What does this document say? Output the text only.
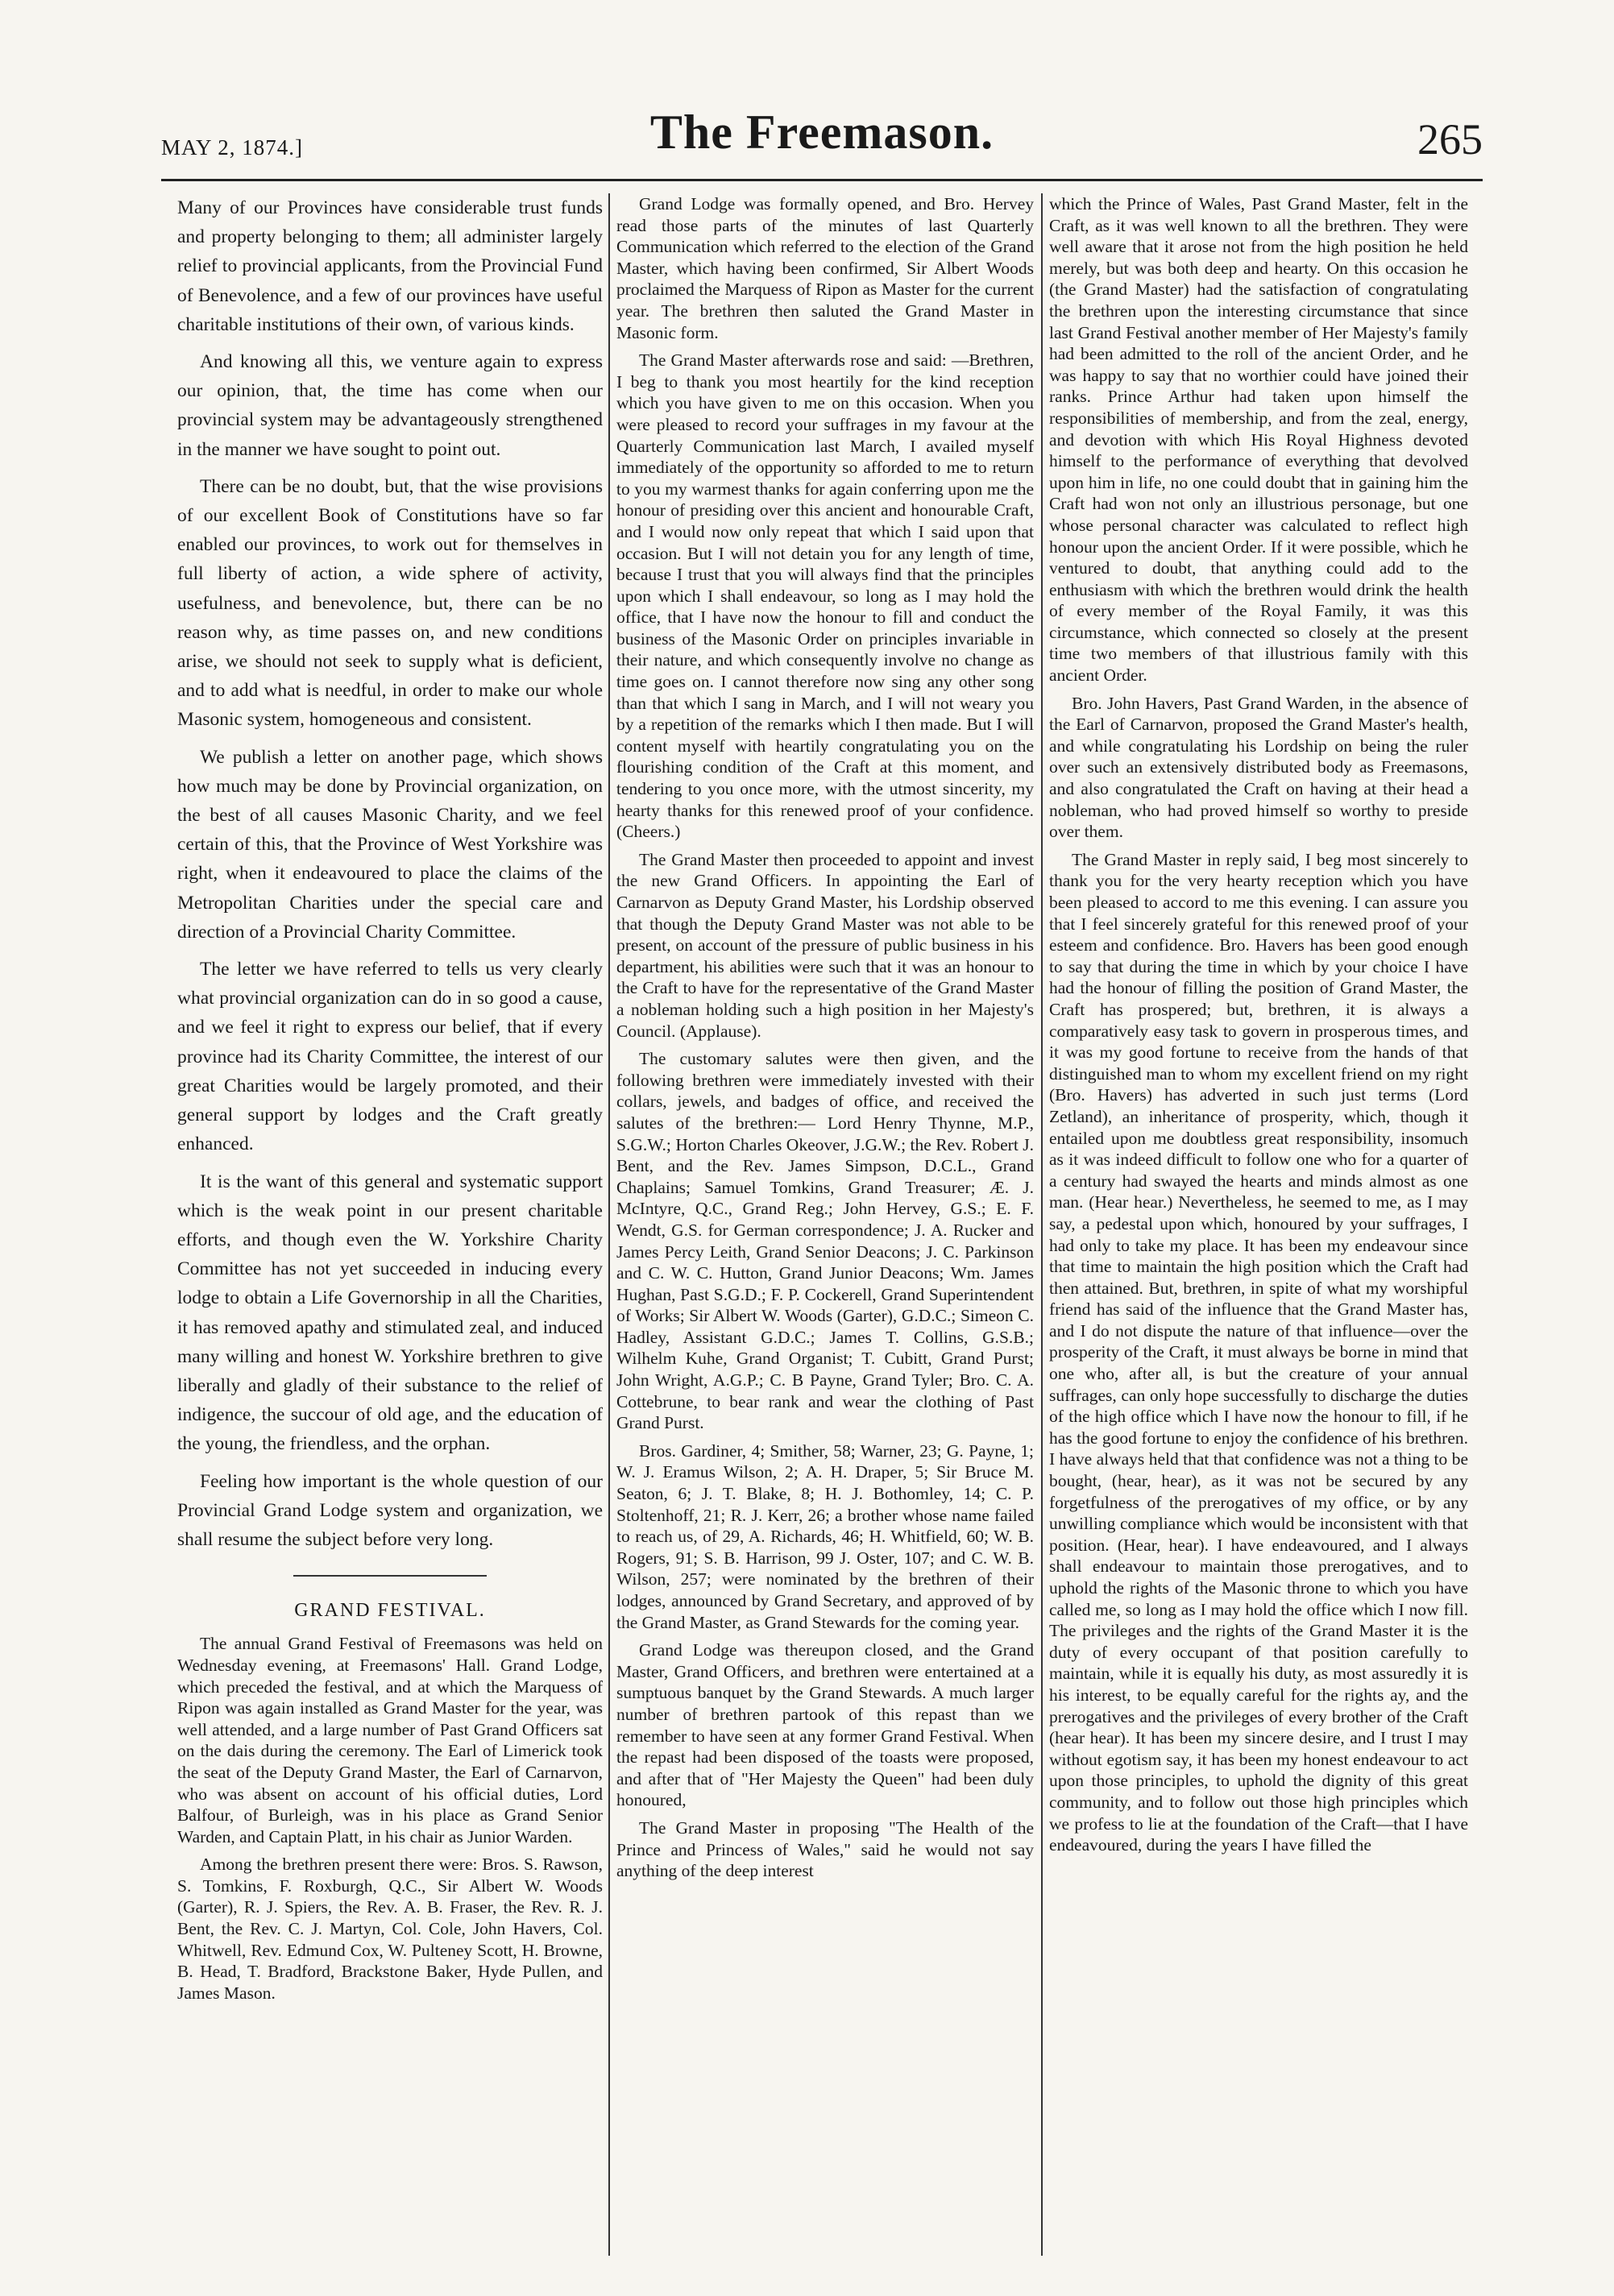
MAY 2, 1874.]	The Freemason.	265

Many of our Provinces have considerable trust funds and property belonging to them; all administer largely relief to provincial applicants, from the Provincial Fund of Benevolence, and a few of our provinces have useful charitable institutions of their own, of various kinds.

And knowing all this, we venture again to express our opinion, that, the time has come when our provincial system may be advantageously strengthened in the manner we have sought to point out.

There can be no doubt, but, that the wise provisions of our excellent Book of Constitutions have so far enabled our provinces, to work out for themselves in full liberty of action, a wide sphere of activity, usefulness, and benevolence, but, there can be no reason why, as time passes on, and new conditions arise, we should not seek to supply what is deficient, and to add what is needful, in order to make our whole Masonic system, homogeneous and consistent.

We publish a letter on another page, which shows how much may be done by Provincial organization, on the best of all causes Masonic Charity, and we feel certain of this, that the Province of West Yorkshire was right, when it endeavoured to place the claims of the Metropolitan Charities under the special care and direction of a Provincial Charity Committee.

The letter we have referred to tells us very clearly what provincial organization can do in so good a cause, and we feel it right to express our belief, that if every province had its Charity Committee, the interest of our great Charities would be largely promoted, and their general support by lodges and the Craft greatly enhanced.

It is the want of this general and systematic support which is the weak point in our present charitable efforts, and though even the W. Yorkshire Charity Committee has not yet succeeded in inducing every lodge to obtain a Life Governorship in all the Charities, it has removed apathy and stimulated zeal, and induced many willing and honest W. Yorkshire brethren to give liberally and gladly of their substance to the relief of indigence, the succour of old age, and the education of the young, the friendless, and the orphan.

Feeling how important is the whole question of our Provincial Grand Lodge system and organization, we shall resume the subject before very long.

GRAND FESTIVAL.

The annual Grand Festival of Freemasons was held on Wednesday evening, at Freemasons' Hall. Grand Lodge, which preceded the festival, and at which the Marquess of Ripon was again installed as Grand Master for the year, was well attended, and a large number of Past Grand Officers sat on the dais during the ceremony. The Earl of Limerick took the seat of the Deputy Grand Master, the Earl of Carnarvon, who was absent on account of his official duties, Lord Balfour, of Burleigh, was in his place as Grand Senior Warden, and Captain Platt, in his chair as Junior Warden.

Among the brethren present there were: Bros. S. Rawson, S. Tomkins, F. Roxburgh, Q.C., Sir Albert W. Woods (Garter), R. J. Spiers, the Rev. A. B. Fraser, the Rev. R. J. Bent, the Rev. C. J. Martyn, Col. Cole, John Havers, Col. Whitwell, Rev. Edmund Cox, W. Pulteney Scott, H. Browne, B. Head, T. Bradford, Brackstone Baker, Hyde Pullen, and James Mason.

Grand Lodge was formally opened, and Bro. Hervey read those parts of the minutes of last Quarterly Communication which referred to the election of the Grand Master, which having been confirmed, Sir Albert Woods proclaimed the Marquess of Ripon as Master for the current year. The brethren then saluted the Grand Master in Masonic form.

The Grand Master afterwards rose and said: —Brethren, I beg to thank you most heartily for the kind reception which you have given to me on this occasion. When you were pleased to record your suffrages in my favour at the Quarterly Communication last March, I availed myself immediately of the opportunity so afforded to me to return to you my warmest thanks for again conferring upon me the honour of presiding over this ancient and honourable Craft, and I would now only repeat that which I said upon that occasion. But I will not detain you for any length of time, because I trust that you will always find that the principles upon which I shall endeavour, so long as I may hold the office, that I have now the honour to fill and conduct the business of the Masonic Order on principles invariable in their nature, and which consequently involve no change as time goes on. I cannot therefore now sing any other song than that which I sang in March, and I will not weary you by a repetition of the remarks which I then made. But I will content myself with heartily congratulating you on the flourishing condition of the Craft at this moment, and tendering to you once more, with the utmost sincerity, my hearty thanks for this renewed proof of your confidence. (Cheers.)

The Grand Master then proceeded to appoint and invest the new Grand Officers. In appointing the Earl of Carnarvon as Deputy Grand Master, his Lordship observed that though the Deputy Grand Master was not able to be present, on account of the pressure of public business in his department, his abilities were such that it was an honour to the Craft to have for the representative of the Grand Master a nobleman holding such a high position in her Majesty's Council. (Applause).

The customary salutes were then given, and the following brethren were immediately invested with their collars, jewels, and badges of office, and received the salutes of the brethren:— Lord Henry Thynne, M.P., S.G.W.; Horton Charles Okeover, J.G.W.; the Rev. Robert J. Bent, and the Rev. James Simpson, D.C.L., Grand Chaplains; Samuel Tomkins, Grand Treasurer; Æ. J. McIntyre, Q.C., Grand Reg.; John Hervey, G.S.; E. F. Wendt, G.S. for German correspondence; J. A. Rucker and James Percy Leith, Grand Senior Deacons; J. C. Parkinson and C. W. C. Hutton, Grand Junior Deacons; Wm. James Hughan, Past S.G.D.; F. P. Cockerell, Grand Superintendent of Works; Sir Albert W. Woods (Garter), G.D.C.; Simeon C. Hadley, Assistant G.D.C.; James T. Collins, G.S.B.; Wilhelm Kuhe, Grand Organist; T. Cubitt, Grand Purst; John Wright, A.G.P.; C. B Payne, Grand Tyler; Bro. C. A. Cottebrune, to bear rank and wear the clothing of Past Grand Purst.

Bros. Gardiner, 4; Smither, 58; Warner, 23; G. Payne, 1; W. J. Eramus Wilson, 2; A. H. Draper, 5; Sir Bruce M. Seaton, 6; J. T. Blake, 8; H. J. Bothomley, 14; C. P. Stoltenhoff, 21; R. J. Kerr, 26; a brother whose name failed to reach us, of 29, A. Richards, 46; H. Whitfield, 60; W. B. Rogers, 91; S. B. Harrison, 99 J. Oster, 107; and C. W. B. Wilson, 257; were nominated by the brethren of their lodges, announced by Grand Secretary, and approved of by the Grand Master, as Grand Stewards for the coming year.

Grand Lodge was thereupon closed, and the Grand Master, Grand Officers, and brethren were entertained at a sumptuous banquet by the Grand Stewards. A much larger number of brethren partook of this repast than we remember to have seen at any former Grand Festival. When the repast had been disposed of the toasts were proposed, and after that of "Her Majesty the Queen" had been duly honoured,

The Grand Master in proposing "The Health of the Prince and Princess of Wales," said he would not say anything of the deep interest

which the Prince of Wales, Past Grand Master, felt in the Craft, as it was well known to all the brethren. They were well aware that it arose not from the high position he held merely, but was both deep and hearty. On this occasion he (the Grand Master) had the satisfaction of congratulating the brethren upon the interesting circumstance that since last Grand Festival another member of Her Majesty's family had been admitted to the roll of the ancient Order, and he was happy to say that no worthier could have joined their ranks. Prince Arthur had taken upon himself the responsibilities of membership, and from the zeal, energy, and devotion with which His Royal Highness devoted himself to the performance of everything that devolved upon him in life, no one could doubt that in gaining him the Craft had won not only an illustrious personage, but one whose personal character was calculated to reflect high honour upon the ancient Order. If it were possible, which he ventured to doubt, that anything could add to the enthusiasm with which the brethren would drink the health of every member of the Royal Family, it was this circumstance, which connected so closely at the present time two members of that illustrious family with this ancient Order.

Bro. John Havers, Past Grand Warden, in the absence of the Earl of Carnarvon, proposed the Grand Master's health, and while congratulating his Lordship on being the ruler over such an extensively distributed body as Freemasons, and also congratulated the Craft on having at their head a nobleman, who had proved himself so worthy to preside over them.

The Grand Master in reply said, I beg most sincerely to thank you for the very hearty reception which you have been pleased to accord to me this evening. I can assure you that I feel sincerely grateful for this renewed proof of your esteem and confidence. Bro. Havers has been good enough to say that during the time in which by your choice I have had the honour of filling the position of Grand Master, the Craft has prospered; but, brethren, it is always a comparatively easy task to govern in prosperous times, and it was my good fortune to receive from the hands of that distinguished man to whom my excellent friend on my right (Bro. Havers) has adverted in such just terms (Lord Zetland), an inheritance of prosperity, which, though it entailed upon me doubtless great responsibility, insomuch as it was indeed difficult to follow one who for a quarter of a century had swayed the hearts and minds almost as one man. (Hear hear.) Nevertheless, he seemed to me, as I may say, a pedestal upon which, honoured by your suffrages, I had only to take my place. It has been my endeavour since that time to maintain the high position which the Craft had then attained. But, brethren, in spite of what my worshipful friend has said of the influence that the Grand Master has, and I do not dispute the nature of that influence—over the prosperity of the Craft, it must always be borne in mind that one who, after all, is but the creature of your annual suffrages, can only hope successfully to discharge the duties of the high office which I have now the honour to fill, if he has the good fortune to enjoy the confidence of his brethren. I have always held that that confidence was not a thing to be bought, (hear, hear), as it was not be secured by any forgetfulness of the prerogatives of my office, or by any unwilling compliance which would be inconsistent with that position. (Hear, hear). I have endeavoured, and I always shall endeavour to maintain those prerogatives, and to uphold the rights of the Masonic throne to which you have called me, so long as I may hold the office which I now fill. The privileges and the rights of the Grand Master it is the duty of every occupant of that position carefully to maintain, while it is equally his duty, as most assuredly it is his interest, to be equally careful for the rights ay, and the prerogatives and the privileges of every brother of the Craft (hear hear). It has been my sincere desire, and I trust I may without egotism say, it has been my honest endeavour to act upon those principles, to uphold the dignity of this great community, and to follow out those high principles which we profess to lie at the foundation of the Craft—that I have endeavoured, during the years I have filled the
